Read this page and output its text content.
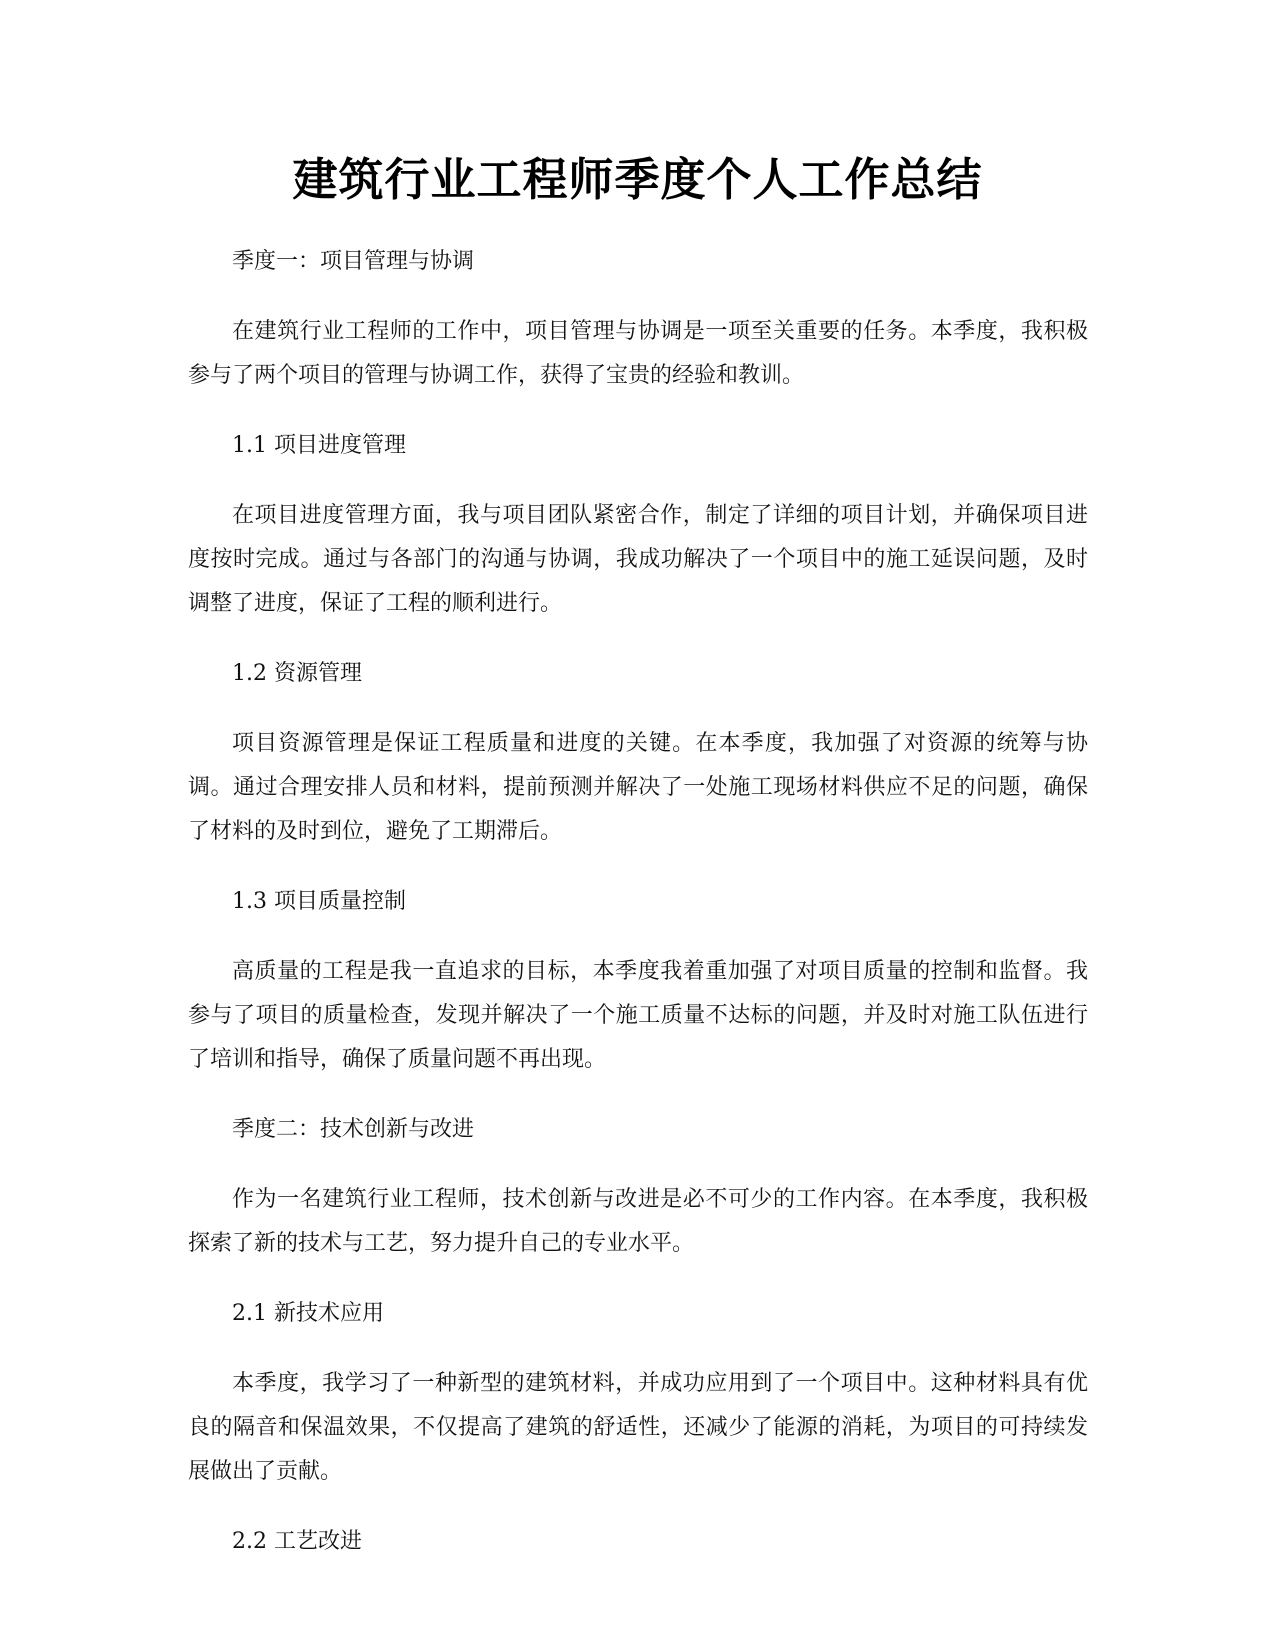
建筑行业工程师季度个人工作总结

季度一：项目管理与协调

在建筑行业工程师的工作中，项目管理与协调是一项至关重要的任务。本季度，我积极参与了两个项目的管理与协调工作，获得了宝贵的经验和教训。

1.1 项目进度管理

在项目进度管理方面，我与项目团队紧密合作，制定了详细的项目计划，并确保项目进度按时完成。通过与各部门的沟通与协调，我成功解决了一个项目中的施工延误问题，及时调整了进度，保证了工程的顺利进行。

1.2 资源管理

项目资源管理是保证工程质量和进度的关键。在本季度，我加强了对资源的统筹与协调。通过合理安排人员和材料，提前预测并解决了一处施工现场材料供应不足的问题，确保了材料的及时到位，避免了工期滞后。

1.3 项目质量控制

高质量的工程是我一直追求的目标，本季度我着重加强了对项目质量的控制和监督。我参与了项目的质量检查，发现并解决了一个施工质量不达标的问题，并及时对施工队伍进行了培训和指导，确保了质量问题不再出现。

季度二：技术创新与改进

作为一名建筑行业工程师，技术创新与改进是必不可少的工作内容。在本季度，我积极探索了新的技术与工艺，努力提升自己的专业水平。

2.1 新技术应用

本季度，我学习了一种新型的建筑材料，并成功应用到了一个项目中。这种材料具有优良的隔音和保温效果，不仅提高了建筑的舒适性，还减少了能源的消耗，为项目的可持续发展做出了贡献。

2.2 工艺改进
